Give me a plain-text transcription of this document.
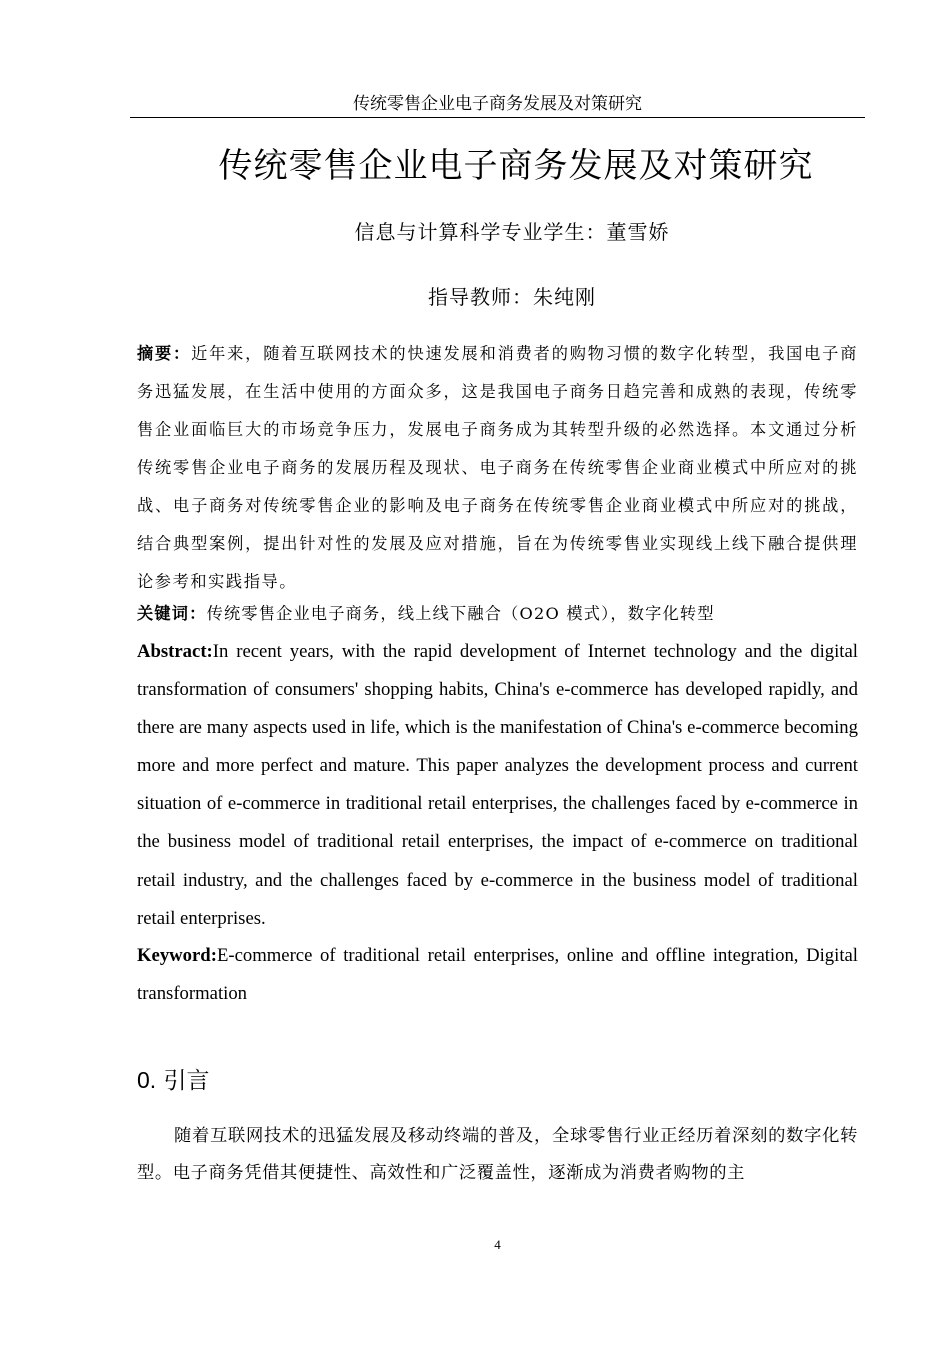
传统零售企业电子商务发展及对策研究
传统零售企业电子商务发展及对策研究
信息与计算科学专业学生：董雪娇
指导教师：朱纯刚

摘要：近年来，随着互联网技术的快速发展和消费者的购物习惯的数字化转型，我国电子商务迅猛发展，在生活中使用的方面众多，这是我国电子商务日趋完善和成熟的表现，传统零售企业面临巨大的市场竞争压力，发展电子商务成为其转型升级的必然选择。本文通过分析传统零售企业电子商务的发展历程及现状、电子商务在传统零售企业商业模式中所应对的挑战、电子商务对传统零售企业的影响及电子商务在传统零售企业商业模式中所应对的挑战，结合典型案例，提出针对性的发展及应对措施，旨在为传统零售业实现线上线下融合提供理论参考和实践指导。

关键词：传统零售企业电子商务，线上线下融合（O2O 模式），数字化转型

Abstract:In recent years, with the rapid development of Internet technology and the digital transformation of consumers' shopping habits, China's e-commerce has developed rapidly, and there are many aspects used in life, which is the manifestation of China's e-commerce becoming more and more perfect and mature. This paper analyzes the development process and current situation of e-commerce in traditional retail enterprises, the challenges faced by e-commerce in the business model of traditional retail enterprises, the impact of e-commerce on traditional retail industry, and the challenges faced by e-commerce in the business model of traditional retail enterprises.

Keyword:E-commerce of traditional retail enterprises, online and offline integration, Digital transformation

0. 引言

随着互联网技术的迅猛发展及移动终端的普及，全球零售行业正经历着深刻的数字化转型。电子商务凭借其便捷性、高效性和广泛覆盖性，逐渐成为消费者购物的主

4
